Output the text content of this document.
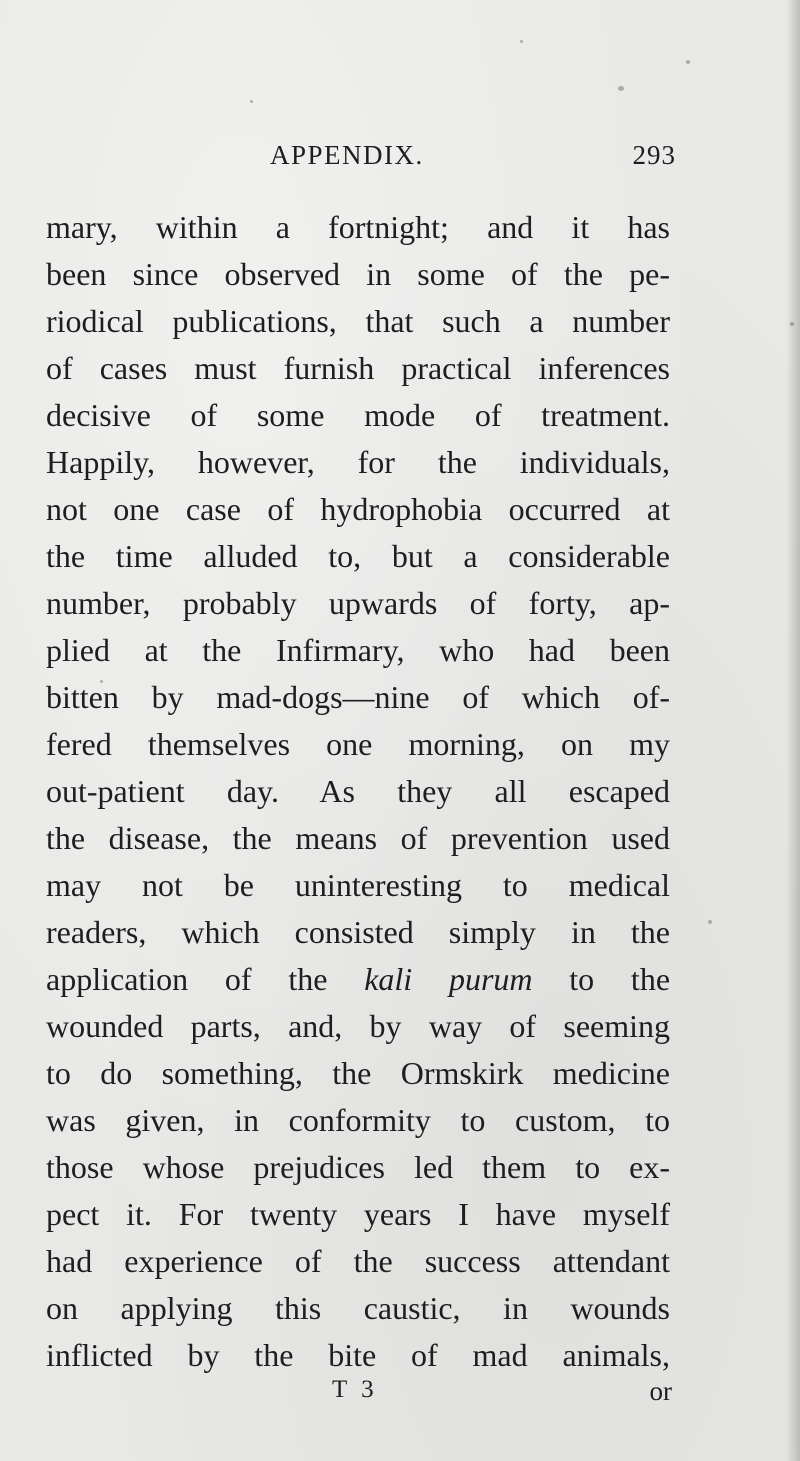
APPENDIX.	293
mary, within a fortnight; and it has
been since observed in some of the pe-
riodical publications, that such a number
of cases must furnish practical inferences
decisive of some mode of treatment.
Happily, however, for the individuals,
not one case of hydrophobia occurred at
the time alluded to, but a considerable
number, probably upwards of forty, ap-
plied at the Infirmary, who had been
bitten by mad-dogs—nine of which of-
fered themselves one morning, on my
out-patient day. As they all escaped
the disease, the means of prevention used
may not be uninteresting to medical
readers, which consisted simply in the
application of the kali purum to the
wounded parts, and, by way of seeming
to do something, the Ormskirk medicine
was given, in conformity to custom, to
those whose prejudices led them to ex-
pect it. For twenty years I have myself
had experience of the success attendant
on applying this caustic, in wounds
inflicted by the bite of mad animals,
T 3	or
